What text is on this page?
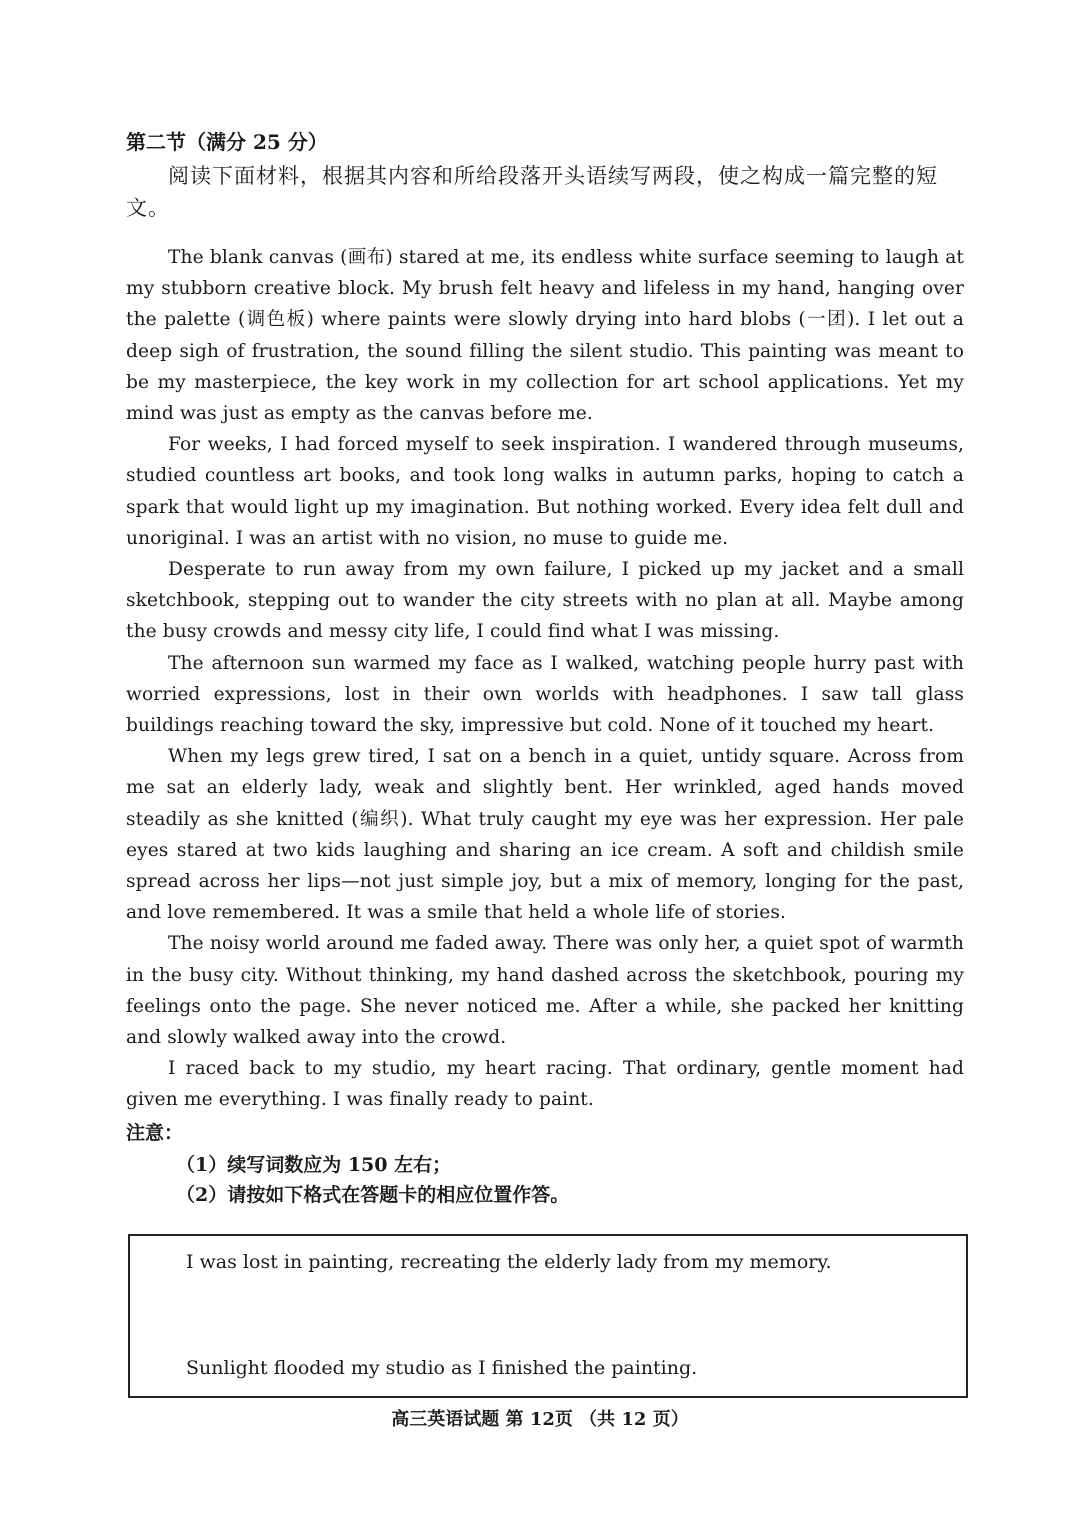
第二节（满分 25 分）
阅读下面材料，根据其内容和所给段落开头语续写两段，使之构成一篇完整的短文。

The blank canvas (画布) stared at me, its endless white surface seeming to laugh at my stubborn creative block. My brush felt heavy and lifeless in my hand, hanging over the palette (调色板) where paints were slowly drying into hard blobs (一团). I let out a deep sigh of frustration, the sound filling the silent studio. This painting was meant to be my masterpiece, the key work in my collection for art school applications. Yet my mind was just as empty as the canvas before me.

For weeks, I had forced myself to seek inspiration. I wandered through museums, studied countless art books, and took long walks in autumn parks, hoping to catch a spark that would light up my imagination. But nothing worked. Every idea felt dull and unoriginal. I was an artist with no vision, no muse to guide me.

Desperate to run away from my own failure, I picked up my jacket and a small sketchbook, stepping out to wander the city streets with no plan at all. Maybe among the busy crowds and messy city life, I could find what I was missing.

The afternoon sun warmed my face as I walked, watching people hurry past with worried expressions, lost in their own worlds with headphones. I saw tall glass buildings reaching toward the sky, impressive but cold. None of it touched my heart.

When my legs grew tired, I sat on a bench in a quiet, untidy square. Across from me sat an elderly lady, weak and slightly bent. Her wrinkled, aged hands moved steadily as she knitted (编织). What truly caught my eye was her expression. Her pale eyes stared at two kids laughing and sharing an ice cream. A soft and childish smile spread across her lips—not just simple joy, but a mix of memory, longing for the past, and love remembered. It was a smile that held a whole life of stories.

The noisy world around me faded away. There was only her, a quiet spot of warmth in the busy city. Without thinking, my hand dashed across the sketchbook, pouring my feelings onto the page. She never noticed me. After a while, she packed her knitting and slowly walked away into the crowd.

I raced back to my studio, my heart racing. That ordinary, gentle moment had given me everything. I was finally ready to paint.

注意：

（1）续写词数应为 150 左右；

（2）请按如下格式在答题卡的相应位置作答。

I was lost in painting, recreating the elderly lady from my memory.
Sunlight flooded my studio as I finished the painting.
高三英语试题 第 12页 （共 12 页）
